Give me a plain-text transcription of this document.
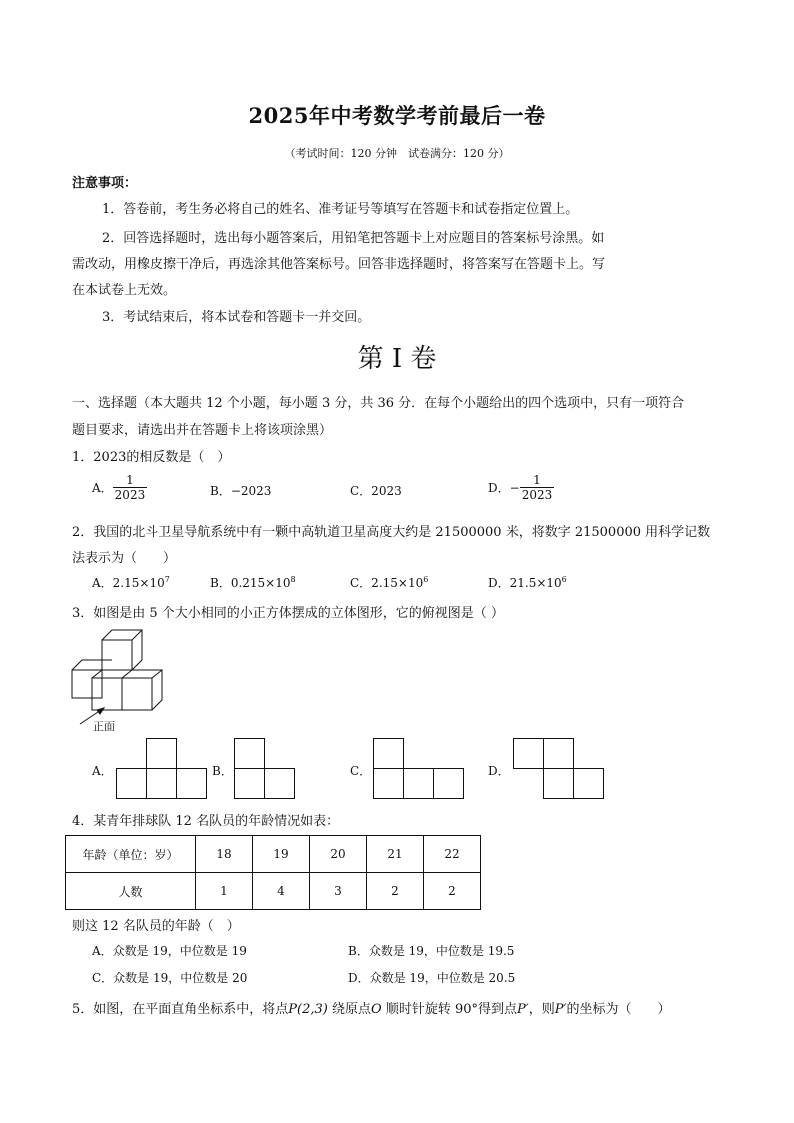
2025年中考数学考前最后一卷
（考试时间：120 分钟　试卷满分：120 分）
注意事项：
1．答卷前，考生务必将自己的姓名、准考证号等填写在答题卡和试卷指定位置上。
2．回答选择题时，选出每小题答案后，用铅笔把答题卡上对应题目的答案标号涂黑。如
需改动，用橡皮擦干净后，再选涂其他答案标号。回答非选择题时，将答案写在答题卡上。写
在本试卷上无效。
3．考试结束后，将本试卷和答题卡一并交回。
第 I 卷
一、选择题（本大题共 12 个小题，每小题 3 分，共 36 分．在每个小题给出的四个选项中，只有一项符合
题目要求，请选出并在答题卡上将该项涂黑）
1．2023的相反数是（　）
A． $\frac{1}{2023}$	B．−2023	C．2023	D．− $\frac{1}{2023}$
2．我国的北斗卫星导航系统中有一颗中高轨道卫星高度大约是 21500000 米，将数字 21500000 用科学记数
法表示为（　　）
A．$2.15\times 10^7$	B．$0.215\times 10^8$	C．$2.15\times 10^6$	D．$21.5\times 10^6$
3．如图是由 5 个大小相同的小正方体摆成的立体图形，它的俯视图是（ ）
正面
A．	B．	C．	D．
4．某青年排球队 12 名队员的年龄情况如表：
年龄（单位：岁）	18	19	20	21	22
人数	1	4	3	2	2
则这 12 名队员的年龄（　）
A．众数是 19，中位数是 19	B．众数是 19，中位数是 19.5
C．众数是 19，中位数是 20	D．众数是 19，中位数是 20.5
5．如图，在平面直角坐标系中，将点P(2,3) 绕原点O 顺时针旋转 90°得到点P′，则P′的坐标为（　　）
